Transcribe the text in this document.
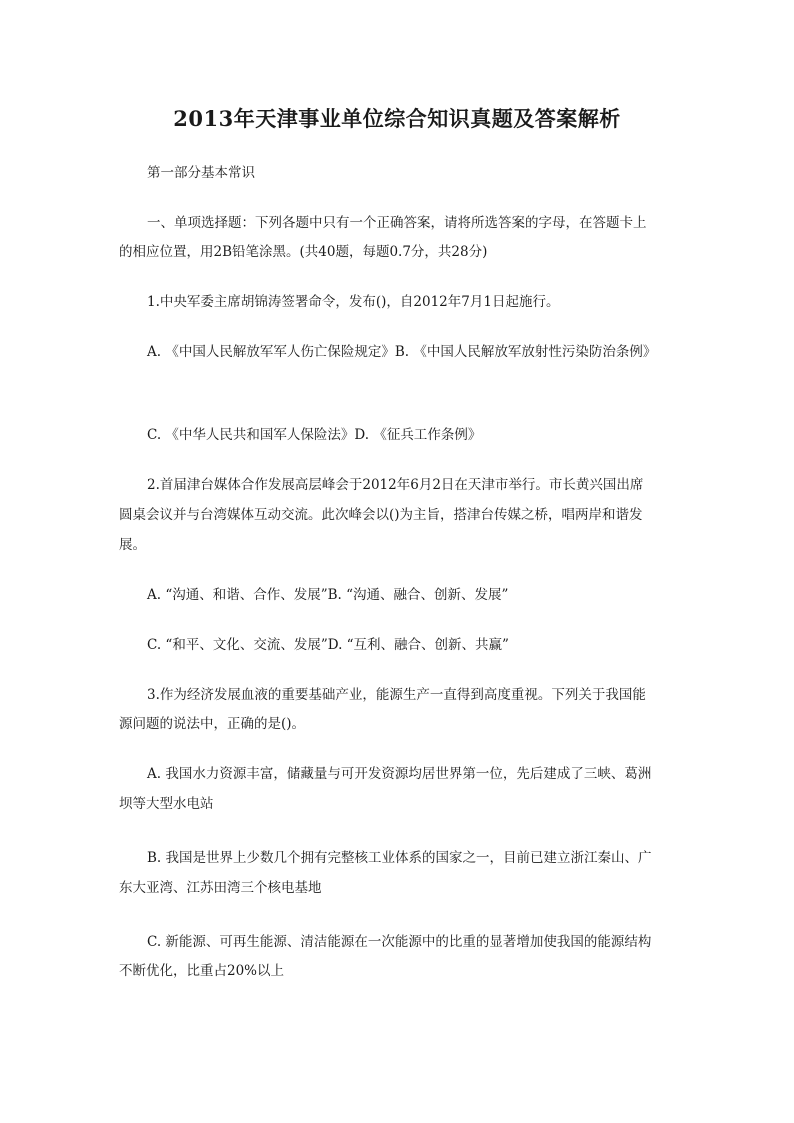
2013年天津事业单位综合知识真题及答案解析

第一部分基本常识

一、单项选择题：下列各题中只有一个正确答案，请将所选答案的字母，在答题卡上

的相应位置，用2B铅笔涂黑。(共40题，每题0.7分，共28分)

1.中央军委主席胡锦涛签署命令，发布()，自2012年7月1日起施行。

A. 《中国人民解放军军人伤亡保险规定》B. 《中国人民解放军放射性污染防治条例》

C. 《中华人民共和国军人保险法》D. 《征兵工作条例》

2.首届津台媒体合作发展高层峰会于2012年6月2日在天津市举行。市长黄兴国出席

圆桌会议并与台湾媒体互动交流。此次峰会以()为主旨，搭津台传媒之桥，唱两岸和谐发

展。

A. “沟通、和谐、合作、发展”B. “沟通、融合、创新、发展”

C. “和平、文化、交流、发展”D. “互利、融合、创新、共赢”

3.作为经济发展血液的重要基础产业，能源生产一直得到高度重视。下列关于我国能

源问题的说法中，正确的是()。

A. 我国水力资源丰富，储藏量与可开发资源均居世界第一位，先后建成了三峡、葛洲

坝等大型水电站

B. 我国是世界上少数几个拥有完整核工业体系的国家之一，目前已建立浙江秦山、广

东大亚湾、江苏田湾三个核电基地

C. 新能源、可再生能源、清洁能源在一次能源中的比重的显著增加使我国的能源结构

不断优化，比重占20%以上
